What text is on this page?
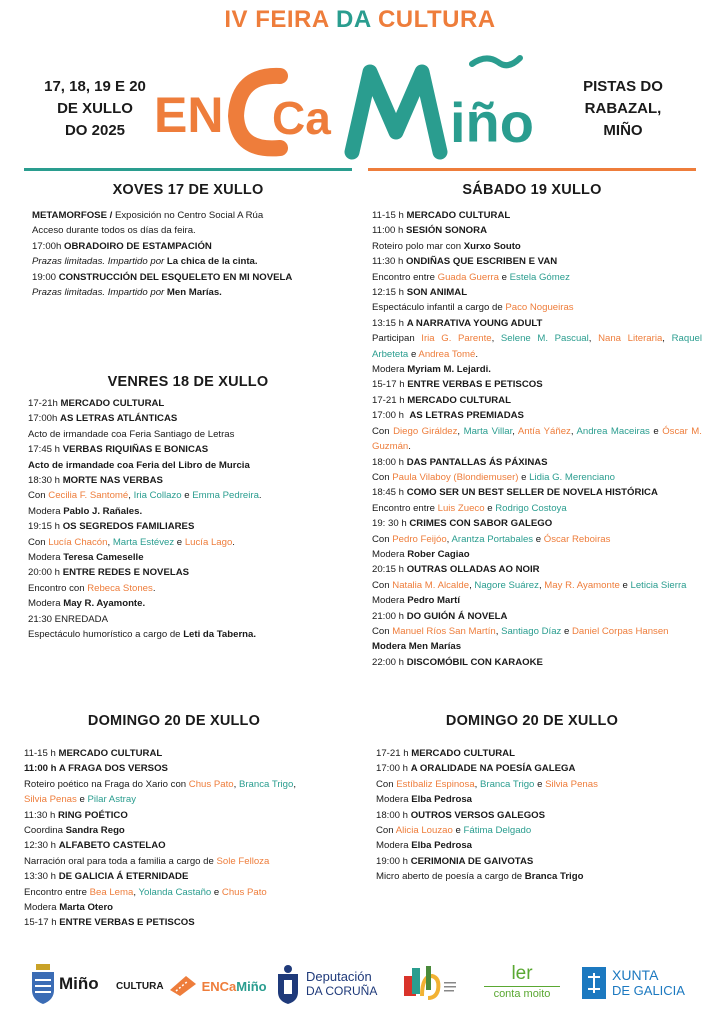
IV FEIRA DA CULTURA
17, 18, 19 E 20
DE XULLO
DO 2025
PISTAS DO
RABAZAL,
MIÑO
EN Ca iño
XOVES 17 DE XULLO

METAMORFOSE / Exposición no Centro Social A Rúa

Acceso durante todos os días da feira.

17:00h OBRADOIRO DE ESTAMPACIÓN

Prazas limitadas. Impartido por La chica de la cinta.

19:00 CONSTRUCCIÓN DEL ESQUELETO EN MI NOVELA

Prazas limitadas. Impartido por Men Marías.

VENRES 18 DE XULLO

17-21h MERCADO CULTURAL

17:00h AS LETRAS ATLÁNTICAS

Acto de irmandade coa Feria Santiago de Letras

17:45 h VERBAS RIQUIÑAS E BONICAS

Acto de irmandade coa Feria del Libro de Murcia

18:30 h MORTE NAS VERBAS

Con Cecilia F. Santomé, Iria Collazo e Emma Pedreira.

Modera Pablo J. Rañales.

19:15 h OS SEGREDOS FAMILIARES

Con Lucía Chacón, Marta Estévez e Lucía Lago.

Modera Teresa Cameselle

20:00 h ENTRE REDES E NOVELAS

Encontro con Rebeca Stones.

Modera May R. Ayamonte.

21:30 ENREDADA

Espectáculo humorístico a cargo de Leti da Taberna.

SÁBADO 19 XULLO

11-15 h MERCADO CULTURAL

11:00 h SESIÓN SONORA

Roteiro polo mar con Xurxo Souto

11:30 h ONDIÑAS QUE ESCRIBEN E VAN

Encontro entre Guada Guerra e Estela Gómez

12:15 h SON ANIMAL

Espectáculo infantil a cargo de Paco Nogueiras

13:15 h A NARRATIVA YOUNG ADULT

Participan Iria G. Parente, Selene M. Pascual, Nana Literaria, Raquel Arbeteta e Andrea Tomé.

Modera Myriam M. Lejardi.

15-17 h ENTRE VERBAS E PETISCOS

17-21 h MERCADO CULTURAL

17:00 h  AS LETRAS PREMIADAS

Con Diego Giráldez, Marta Villar, Antía Yáñez, Andrea Maceiras e Óscar M. Guzmán.

18:00 h DAS PANTALLAS ÁS PÁXINAS

Con Paula Vilaboy (Blondiemuser) e Lidia G. Merenciano

18:45 h COMO SER UN BEST SELLER DE NOVELA HISTÓRICA

Encontro entre Luis Zueco e Rodrigo Costoya

19: 30 h CRIMES CON SABOR GALEGO

Con Pedro Feijóo, Arantza Portabales e Óscar Reboiras

Modera Rober Cagiao

20:15 h OUTRAS OLLADAS AO NOIR

Con Natalia M. Alcalde, Nagore Suárez, May R. Ayamonte e Leticia Sierra

Modera Pedro Martí

21:00 h DO GUIÓN Á NOVELA

Con Manuel Ríos San Martín, Santiago Díaz e Daniel Corpas Hansen

Modera Men Marías

22:00 h DISCOMÓBIL CON KARAOKE

DOMINGO 20 DE XULLO

11-15 h MERCADO CULTURAL

11:00 h A FRAGA DOS VERSOS

Roteiro poético na Fraga do Xario con Chus Pato, Branca Trigo,

Silvia Penas e Pilar Astray

11:30 h RING POÉTICO

Coordina Sandra Rego

12:30 h ALFABETO CASTELAO

Narración oral para toda a familia a cargo de Sole Felloza

13:30 h DE GALICIA Á ETERNIDADE

Encontro entre Bea Lema, Yolanda Castaño e Chus Pato

Modera Marta Otero

15-17 h ENTRE VERBAS E PETISCOS

DOMINGO 20 DE XULLO

17-21 h MERCADO CULTURAL

17:00 h A ORALIDADE NA POESÍA GALEGA

Con Estíbaliz Espinosa, Branca Trigo e Silvia Penas

Modera Elba Pedrosa

18:00 h OUTROS VERSOS GALEGOS

Con Alicia Louzao e Fátima Delgado

Modera Elba Pedrosa

19:00 h CERIMONIA DE GAIVOTAS

Micro aberto de poesía a cargo de Branca Trigo

Miño CULTURA	EN Ca Miño
Deputación
DA CORUÑA
ler
conta moito
XUNTA
DE GALICIA
